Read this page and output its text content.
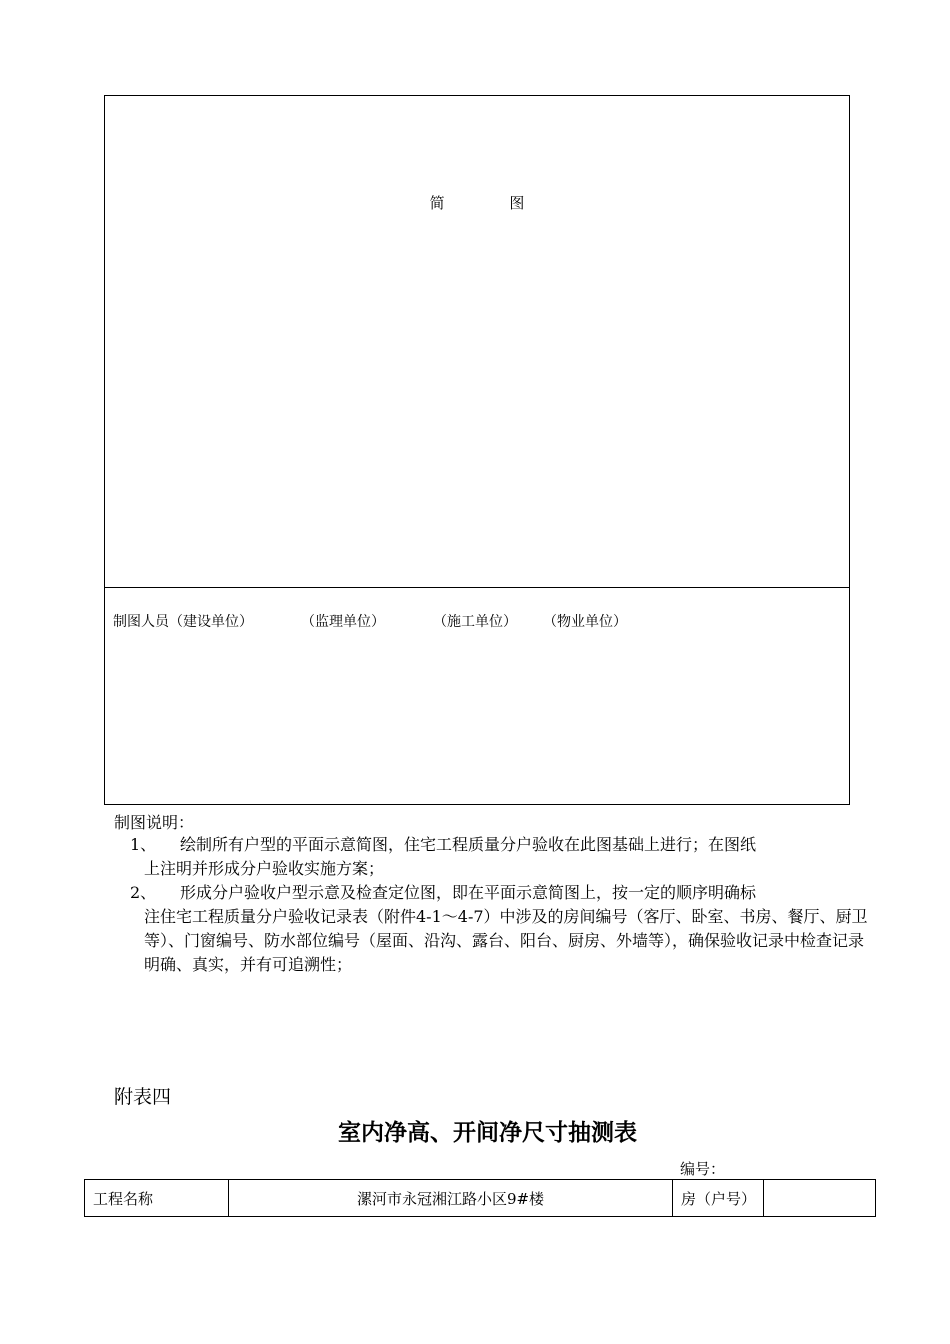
简 图
制图人员（建设单位）	（监理单位）	（施工单位） （物业单位）
制图说明：
1、 绘制所有户型的平面示意简图，住宅工程质量分户验收在此图基础上进行；在图纸
上注明并形成分户验收实施方案；
2、 形成分户验收户型示意及检查定位图，即在平面示意简图上，按一定的顺序明确标
注住宅工程质量分户验收记录表（附件4-1～4-7）中涉及的房间编号（客厅、卧室、书房、餐厅、厨卫等）、门窗编号、防水部位编号（屋面、沿沟、露台、阳台、厨房、外墙等），确保验收记录中检查记录明确、真实，并有可追溯性；
附表四
室内净高、开间净尺寸抽测表
编号：
工程名称	漯河市永冠湘江路小区9#楼	房（户号）	
